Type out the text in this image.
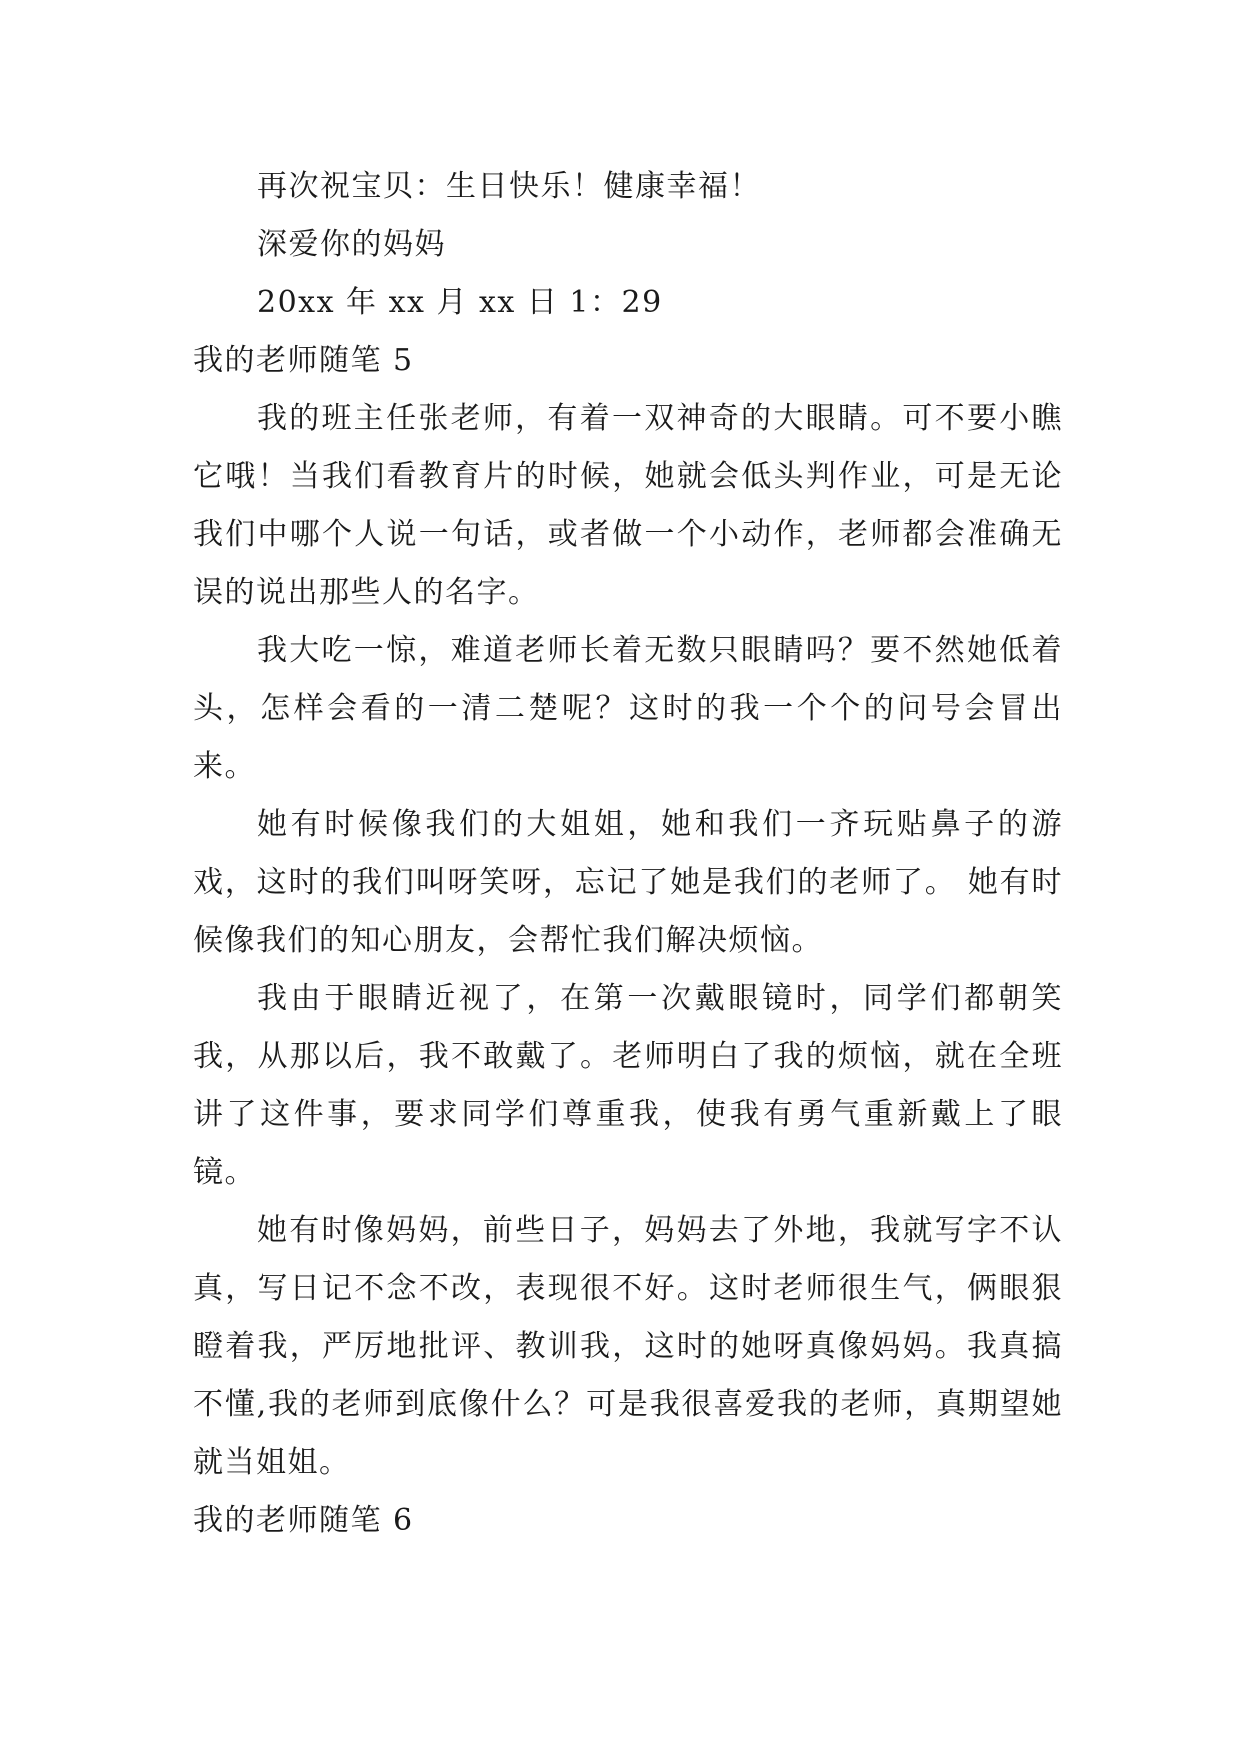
再次祝宝贝：生日快乐！健康幸福！

深爱你的妈妈

20xx 年 xx 月 xx 日 1：29

我的老师随笔 5

我的班主任张老师，有着一双神奇的大眼睛。可不要小瞧它哦！当我们看教育片的时候，她就会低头判作业，可是无论我们中哪个人说一句话，或者做一个小动作，老师都会准确无误的说出那些人的名字。

我大吃一惊，难道老师长着无数只眼睛吗？要不然她低着头，怎样会看的一清二楚呢？这时的我一个个的问号会冒出来。

她有时候像我们的大姐姐，她和我们一齐玩贴鼻子的游戏，这时的我们叫呀笑呀，忘记了她是我们的老师了。 她有时候像我们的知心朋友，会帮忙我们解决烦恼。

我由于眼睛近视了，在第一次戴眼镜时，同学们都朝笑我，从那以后，我不敢戴了。老师明白了我的烦恼，就在全班讲了这件事，要求同学们尊重我，使我有勇气重新戴上了眼镜。

她有时像妈妈，前些日子，妈妈去了外地，我就写字不认真，写日记不念不改，表现很不好。这时老师很生气，俩眼狠瞪着我，严厉地批评、教训我，这时的她呀真像妈妈。我真搞不懂,我的老师到底像什么？可是我很喜爱我的老师，真期望她就当姐姐。

我的老师随笔 6
